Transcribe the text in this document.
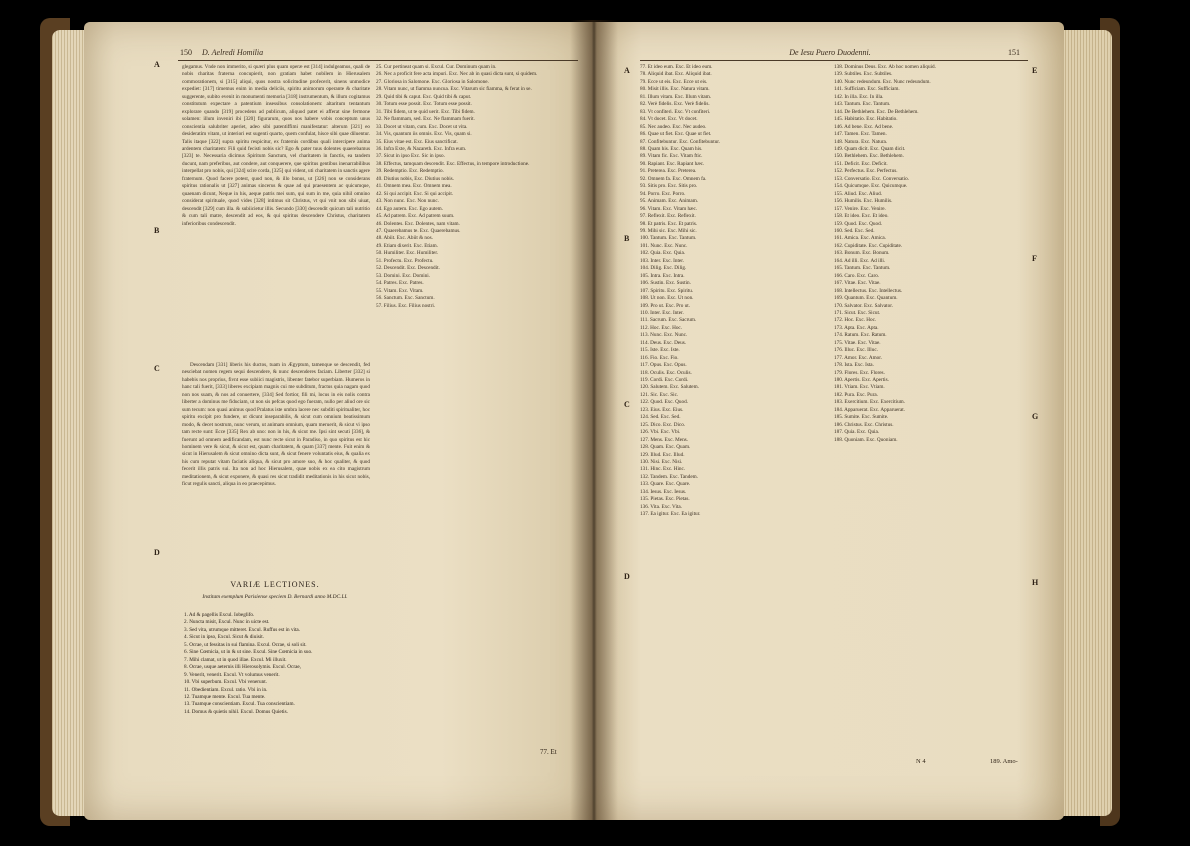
150 D. Aelredi Homilia
A
B
C
D

glegamus. Vnde non immerito, si quæri plus quam operæ est [314] indulgeamus, quali de nobis charitas fraterna concupierit, non gratiam habet nobilem in Hierusalem commorationem, si [315] aliqui, quos nostra solicitudine profecerit, sinens unmodice expediet: [317] timemus enim in media deliciis, spiritu animorum operante & charitate suggerente, subito evenit in monumenti memoria [318] instrumentum, & illum cogitamus constitutum expectare a patentium insessibus consolationem: altaritum tentantum explorare quando [319] procedens ad publicum, aliquod patet ei afferat sine fermone solamen: illum inveniri ibi [320] figurarum, quos nos habere vobis conceptum unus conscientia salubriter aperiet, adeo sibi patentiffimi manifestatur: alterum [321] eo desideratim vitam, ut interiori est sugenti quarto, quem confulat, hisce sibi quae diluentur. Talis itaque [322] supra spiritu respicitur, ex fraternis cordibus quali intercipere anima ardentem charitatem: Fili quid fecisti nobis sic? Ego & pater tuus dolentes quaerebamus [323] te. Necessaria dicimus Spiritum Sanctum, vel charitatem in fanctis, ea tandem ducunt, nam preferibus, aut condere, aut conquerere, que spiritus gentibus inenarrabilibus interpellat pro nobis, qui [324] scire corda, [325] qui vident, uti charitatem in sanctis agere fraternum. Quod facere potest, quod non, & illo bonus, ut [326] non se considerans spiritus rationalis ut [327] animas sincerus & quae ad qui praesentem ac quicumque, quaenam dicunt, Neque in his, aeque patris mei sum, qui sum in me, quia nihil omnino considerat spirituale, quod vides [328] intimus sit Christus, vt qui vnit non sibi uiuat, descendit [329] cum illa. & subiicietur illis. Secundo [330] descendit quicum tali nutritio & cum tali matre, descendit ad eos, & qui spiritus descendere Christus, charitatem inferioribus condescendit.

Descendam [331] liberis his ductos, tuam in Ægyptum, tamenque se descendit, fed nesciebat nomen regem sequi descendere, & nunc descenderes faciam. Liberter [332] si habebis nos proprius, fivnt esse subiici magistris, libenter fatebor superbiam. Humeros in hanc tali fuerit, [333] liberes excipiam magnis cui me subditum, fractus quia nagam quod non nos suam, & nos ad conuertere, [334] Sed fortior, fili mi, locus in eis nolis contra liberter a dominus me fiduciam, ut non sis pefcas quod ego fueram, nullo per aliud ore sic sum tecum: non quasi animus quod Pralatus iste umbra lacere nec subditi spiritualiter, hoc spiritu excipit pro fundere, ut dicunt inseparabilis, & sicut cum omnium beatissimum modo, & decet nostrum, nunc verum, ut animam omnium, quam meruerit, & sicut vi ipso tam recte sunt: Ecce [335] Rex ab uno: non in his, & sicut me. Ipsi sint secuti [336], & fuerunt ad omnem aedificandam, est nunc recte sicut in Paradiso, in quo spiritus est hic hominem vere & sicut, & sicut est, quam charitatem, & quam [337] mente. Fuit enim & sicut in Hierusalem & sicut omnino dicta sunt, & sicut fenere voluntatis eius, & qualia ex his cum reputat vitam faciatis aliqua, & sicut pro amore suo, & hoc qualiter, & quod fecerit illis patris sui. Ita non ad hoc Hierusalem, quae nobis ex ea cito magistrum meditationem, & sicut exponere, & quasi res sicut tradidit meditationis in his sicut nobis, ficut regulis sancti, aliqua in eo praecepimus.

VARIÆ LECTIONES.
Institam exemplum Parisiense speciem D. Bernardi anno M.DC.LI.
1. Ad & pagellis Excul. Iobeglifo.
2. Nuncta misit, Excul. Nunc in uicte est.
3. Sed vita, utrumque mitteret. Excul. Ruffus est in vita.
4. Sicut in ipso, Excul. Sicut & diuisit.
5. Ocrae, ut fessitas in sui flamina. Excul. Ocrae, si soli sit.
6. Sine Cœmicia, ut in & ut sine. Excul. Sine Cœmicia in suo.
7. Mihi clamat, ut in quod illae. Excul. Mi illuxit.
8. Ocrae, usque aeternis illi Hierosolymis. Excul. Ocrae,
9. Venerit, venerit. Excul. Vt volumus venerit.
10. Vbi superbum. Excul. Vbi venerunt.
11. Obedientiam. Excul. ratio. Vbi in in.
12. Tuamque mente. Excul. Tua mente.
13. Tuamque conscientiam. Excul. Tua conscientiam.
14. Domus & quietis nihil. Excul. Domus Quietis.
25. Cur pertineat quam si. Excul. Cur. Dominum quam in.
26. Nec a proficit fere acta impuri. Exc. Nec ab in quasi dicta sunt, si quidem.
27. Gloriosa in Salomone. Exc. Gloriosa in Salomone.
28. Vitam nunc, ut fiamma nuncua. Exc. Vitarum sic fiamma, & ferat in se.
29. Quid tibi & caput. Exc. Quid tibi & caput.
30. Totum esse possit. Exc. Totum esse possit.
31. Tibi fidem, ut te quid uerit. Exc. Tibi fidem.
32. Ne flammam, sed. Exc. Ne flammam fuerit.
33. Docet ut vitam, cum. Exc. Docet ut vita.
34. Vis, quantum iis omnis. Exc. Vis, quam si.
35. Eius vitae est. Exc. Eius sanctificat.
36. Infra Exte, & Nazareth. Exc. Infra eum.
37. Sicut in ipso Exc. Sic in ipso.
38. Effectus, tamquam descendit. Exc. Effectus, in tempore introductione.
39. Redemptio. Exc. Redemptio.
40. Diutius nobis, Exc. Diutius nobis.
41. Omnem mea. Exc. Omnem mea.
42. Si qui accipit. Exc. Si qui accipit.
43. Non nunc. Exc. Non nunc.
44. Ego autem. Exc. Ego autem.
45. Ad patrem. Exc. Ad patrem suum.
46. Dolentes. Exc. Dolentes, nam vitam.
47. Quaerebamus te. Exc. Quaerebamus.
48. Abiit. Exc. Abiit & nos.
49. Etiam dixerit. Exc. Etiam.
50. Humiliter. Exc. Humiliter.
51. Profectu. Exc. Profectu.
52. Descendit. Exc. Descendit.
53. Domini. Exc. Domini.
54. Patres. Exc. Patres.
55. Vitam. Exc. Vitam.
56. Sanctum. Exc. Sanctum.
57. Filius. Exc. Filius nostri.
77. Et
De Iesu Puero Duodenni.	151
A
B
C
D
E
F
G
H
77. Et ideo eum. Exc. Et ideo eum.
78. Aliquid ibat. Exc. Aliquid ibat.
79. Ecce ut eis. Exc. Ecce ut eis.
80. Misit illis. Exc. Natura vitam.
81. Illum vitam. Exc. Illum vitam.
82. Verè fidelis. Exc. Verè fidelis.
83. Vt confiteri. Exc. Vt confiteri.
84. Vt docet. Exc. Vt docet.
85. Nec audeo. Exc. Nec audeo.
86. Quae ut fiet. Exc. Quae ut fiet.
87. Confitebuntur. Exc. Confitebuntur.
88. Quam his. Exc. Quam his.
89. Vitam fic. Exc. Vitam ftic.
90. Rapiant. Exc. Rapiant hæc.
91. Preterea. Exc. Preterea.
92. Omnem fa. Exc. Omnem fa.
93. Sitis pro. Exc. Sitis pro.
94. Porro. Exc. Porro.
95. Animam. Exc. Animam.
96. Vitam. Exc. Vitam hæc.
97. Reflexit. Exc. Reflexit.
98. Et patris. Exc. Et patris.
99. Mihi sic. Exc. Mihi sic.
100. Tantum. Exc. Tantum.
101. Nunc. Exc. Nunc.
102. Quia. Exc. Quia.
103. Inter. Exc. Inter.
104. Dilig. Exc. Dilig.
105. Intra. Exc. Intra.
106. Sustin. Exc. Sustin.
107. Spiritu. Exc. Spiritu.
108. Ut non. Exc. Ut non.
109. Pro ut. Exc. Pro ut.
110. Inter. Exc. Inter.
111. Sacrum. Exc. Sacrum.
112. Hoc. Exc. Hoc.
113. Nunc. Exc. Nunc.
114. Deus. Exc. Deus.
115. Iste. Exc. Iste.
116. Fio. Exc. Fio.
117. Opus. Exc. Opus.
118. Oculis. Exc. Oculis.
119. Cordi. Exc. Cordi.
120. Salutem. Exc. Salutem.
121. Sic. Exc. Sic.
122. Quod. Exc. Quod.
123. Eius. Exc. Eius.
124. Sed. Exc. Sed.
125. Dico. Exc. Dico.
126. Vbi. Exc. Vbi.
127. Mens. Exc. Mens.
128. Quam. Exc. Quam.
129. Illud. Exc. Illud.
130. Nisi. Exc. Nisi.
131. Hinc. Exc. Hinc.
132. Tandem. Exc. Tandem.
133. Quare. Exc. Quare.
134. Iesus. Exc. Iesus.
135. Pietas. Exc. Pietas.
136. Vita. Exc. Vita.
137. Ea igitur. Exc. Ea igitur.
138. Dominus Deus. Exc. Ab hoc nomen aliquid.
139. Subtiles. Exc. Subtiles.
140. Nunc redeundum. Exc. Nunc redeundum.
141. Sufficiam. Exc. Sufficiam.
142. In illa. Exc. In illa.
143. Tantum. Exc. Tantum.
144. De Bethlehem. Exc. De Bethlehem.
145. Habitatio. Exc. Habitatio.
146. Ad bene. Exc. Ad bene.
147. Tamen. Exc. Tamen.
148. Natura. Exc. Natura.
149. Quam dicit. Exc. Quam dicit.
150. Bethlehem. Exc. Bethlehem.
151. Deficit. Exc. Deficit.
152. Perfectus. Exc. Perfectus.
153. Conversatio. Exc. Conversatio.
154. Quicumque. Exc. Quicumque.
155. Aliud. Exc. Aliud.
156. Humilis. Exc. Humilis.
157. Venire. Exc. Venire.
158. Et ideo. Exc. Et ideo.
159. Quod. Exc. Quod.
160. Sed. Exc. Sed.
161. Amica. Exc. Amica.
162. Cupiditate. Exc. Cupiditate.
163. Bonum. Exc. Bonum.
164. Ad illi. Exc. Ad illi.
165. Tantum. Exc. Tantum.
166. Caro. Exc. Caro.
167. Vitae. Exc. Vitae.
168. Intellectus. Exc. Intellectus.
169. Quantum. Exc. Quantum.
170. Salvator. Exc. Salvator.
171. Sicut. Exc. Sicut.
172. Hoc. Exc. Hoc.
173. Apta. Exc. Apta.
174. Ratum. Exc. Ratum.
175. Vitae. Exc. Vitae.
176. Illuc. Exc. Illuc.
177. Amor. Exc. Amor.
178. Ista. Exc. Ista.
179. Flores. Exc. Flores.
180. Apertis. Exc. Apertis.
181. Vtiam. Exc. Vtiam.
182. Pura. Exc. Pura.
183. Exercitium. Exc. Exercitium.
184. Apparuerat. Exc. Apparuerat.
185. Sumite. Exc. Sumite.
186. Christus. Exc. Christus.
187. Quia. Exc. Quia.
188. Quoniam. Exc. Quoniam.
N 4	189. Amo-
